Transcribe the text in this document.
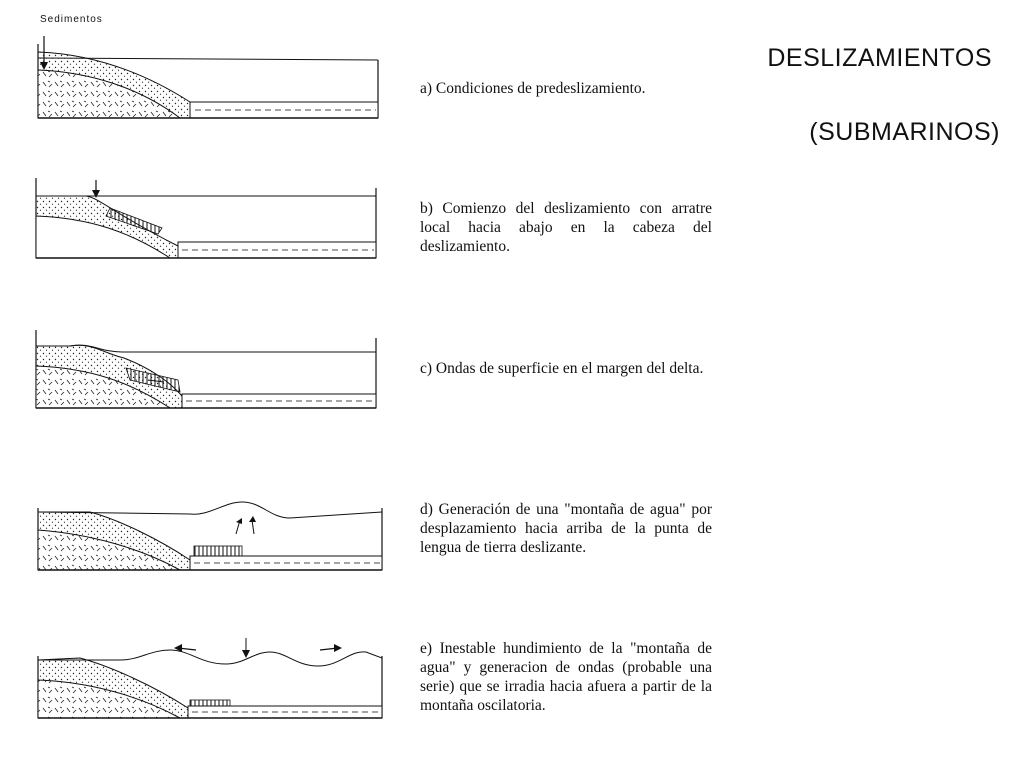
DESLIZAMIENTOS
(SUBMARINOS)
Sedimentos
a) Condiciones de predeslizamiento.
b) Comienzo del deslizamiento con arratre local hacia abajo en la cabeza del deslizamiento.
c) Ondas de superficie en el margen del delta.
d) Generación de una "montaña de agua" por desplazamiento hacia arriba de la punta de lengua de tierra deslizante.
e) Inestable hundimiento de la "montaña de agua" y generacion de ondas (probable una serie) que se irradia hacia afuera a partir de la montaña oscilatoria.
